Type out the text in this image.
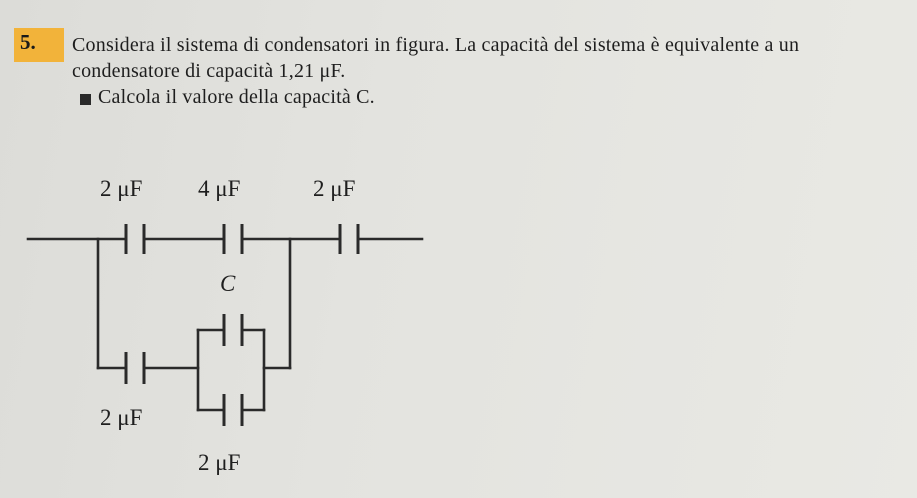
5. Considera il sistema di condensatori in figura. La capacità del sistema è equivalente a un
condensatore di capacità 1,21 μF.
Calcola il valore della capacità C.
2 μF 4 μF	2 μF
C
2 μF
2 μF
